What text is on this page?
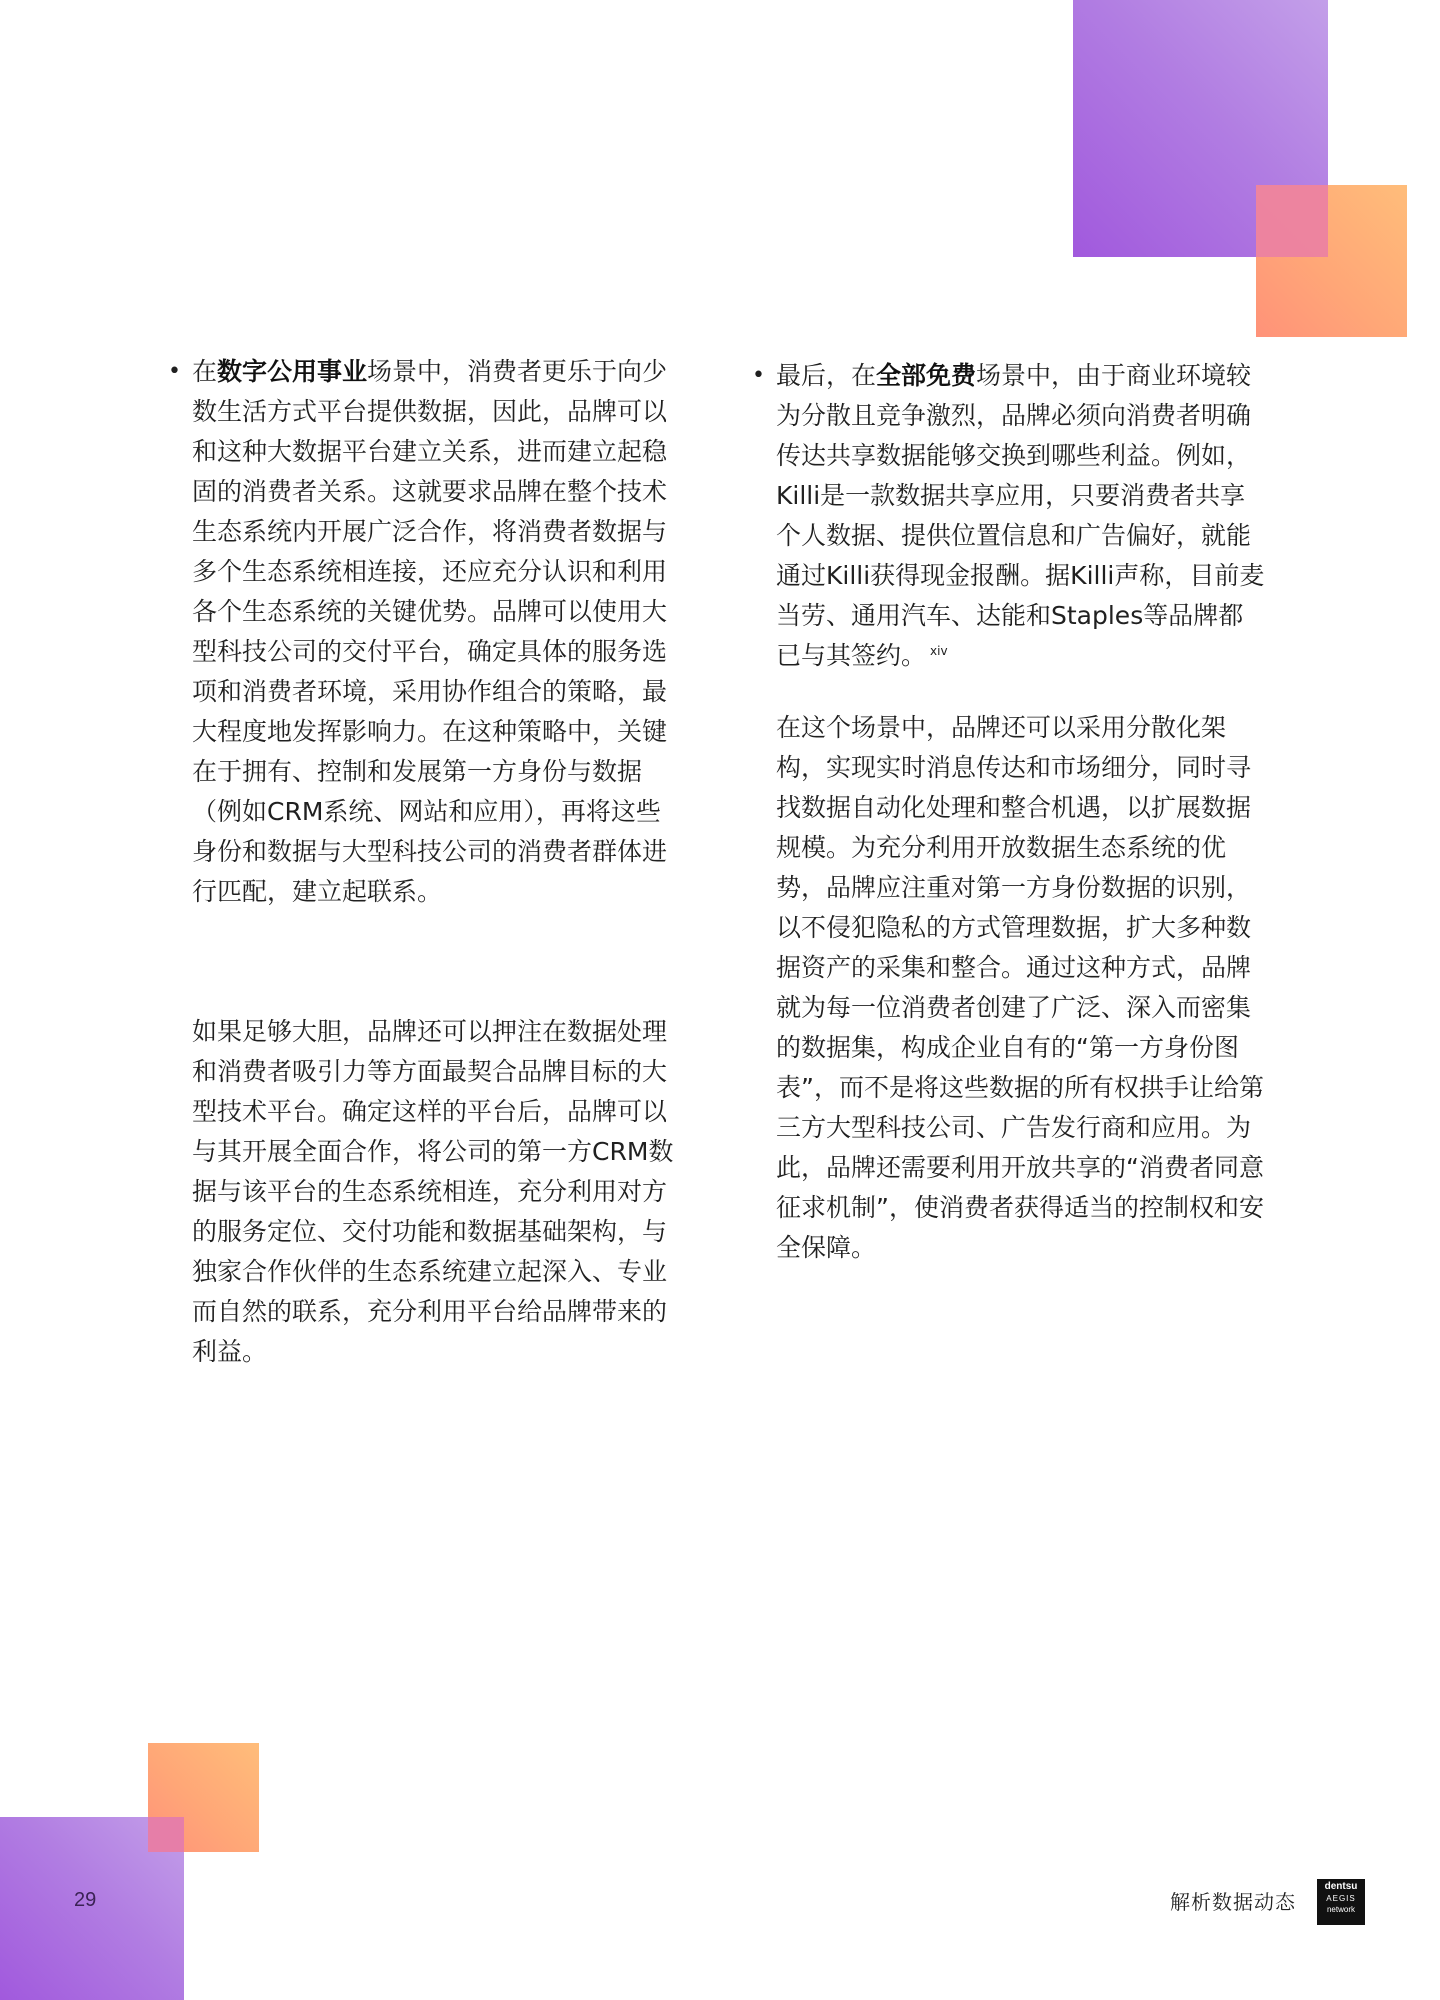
• 在数字公用事业场景中，消费者更乐于向少数生活方式平台提供数据，因此，品牌可以和这种大数据平台建立关系，进而建立起稳固的消费者关系。这就要求品牌在整个技术生态系统内开展广泛合作，将消费者数据与多个生态系统相连接，还应充分认识和利用各个生态系统的关键优势。品牌可以使用大型科技公司的交付平台，确定具体的服务选项和消费者环境，采用协作组合的策略，最大程度地发挥影响力。在这种策略中，关键在于拥有、控制和发展第一方身份与数据（例如CRM系统、网站和应用），再将这些身份和数据与大型科技公司的消费者群体进行匹配，建立起联系。

如果足够大胆，品牌还可以押注在数据处理和消费者吸引力等方面最契合品牌目标的大型技术平台。确定这样的平台后，品牌可以与其开展全面合作，将公司的第一方CRM数据与该平台的生态系统相连，充分利用对方的服务定位、交付功能和数据基础架构，与独家合作伙伴的生态系统建立起深入、专业而自然的联系，充分利用平台给品牌带来的利益。

• 最后，在全部免费场景中，由于商业环境较为分散且竞争激烈，品牌必须向消费者明确传达共享数据能够交换到哪些利益。例如，Killi是一款数据共享应用，只要消费者共享个人数据、提供位置信息和广告偏好，就能通过Killi获得现金报酬。据Killi声称，目前麦当劳、通用汽车、达能和Staples等品牌都已与其签约。 $^{xiv}$

在这个场景中，品牌还可以采用分散化架构，实现实时消息传达和市场细分，同时寻找数据自动化处理和整合机遇，以扩展数据规模。为充分利用开放数据生态系统的优势，品牌应注重对第一方身份数据的识别，以不侵犯隐私的方式管理数据，扩大多种数据资产的采集和整合。通过这种方式，品牌就为每一位消费者创建了广泛、深入而密集的数据集，构成企业自有的“第一方身份图表”，而不是将这些数据的所有权拱手让给第三方大型科技公司、广告发行商和应用。为此，品牌还需要利用开放共享的“消费者同意征求机制”，使消费者获得适当的控制权和安全保障。

29	解析数据动态
dentsu
AEGIS
network
